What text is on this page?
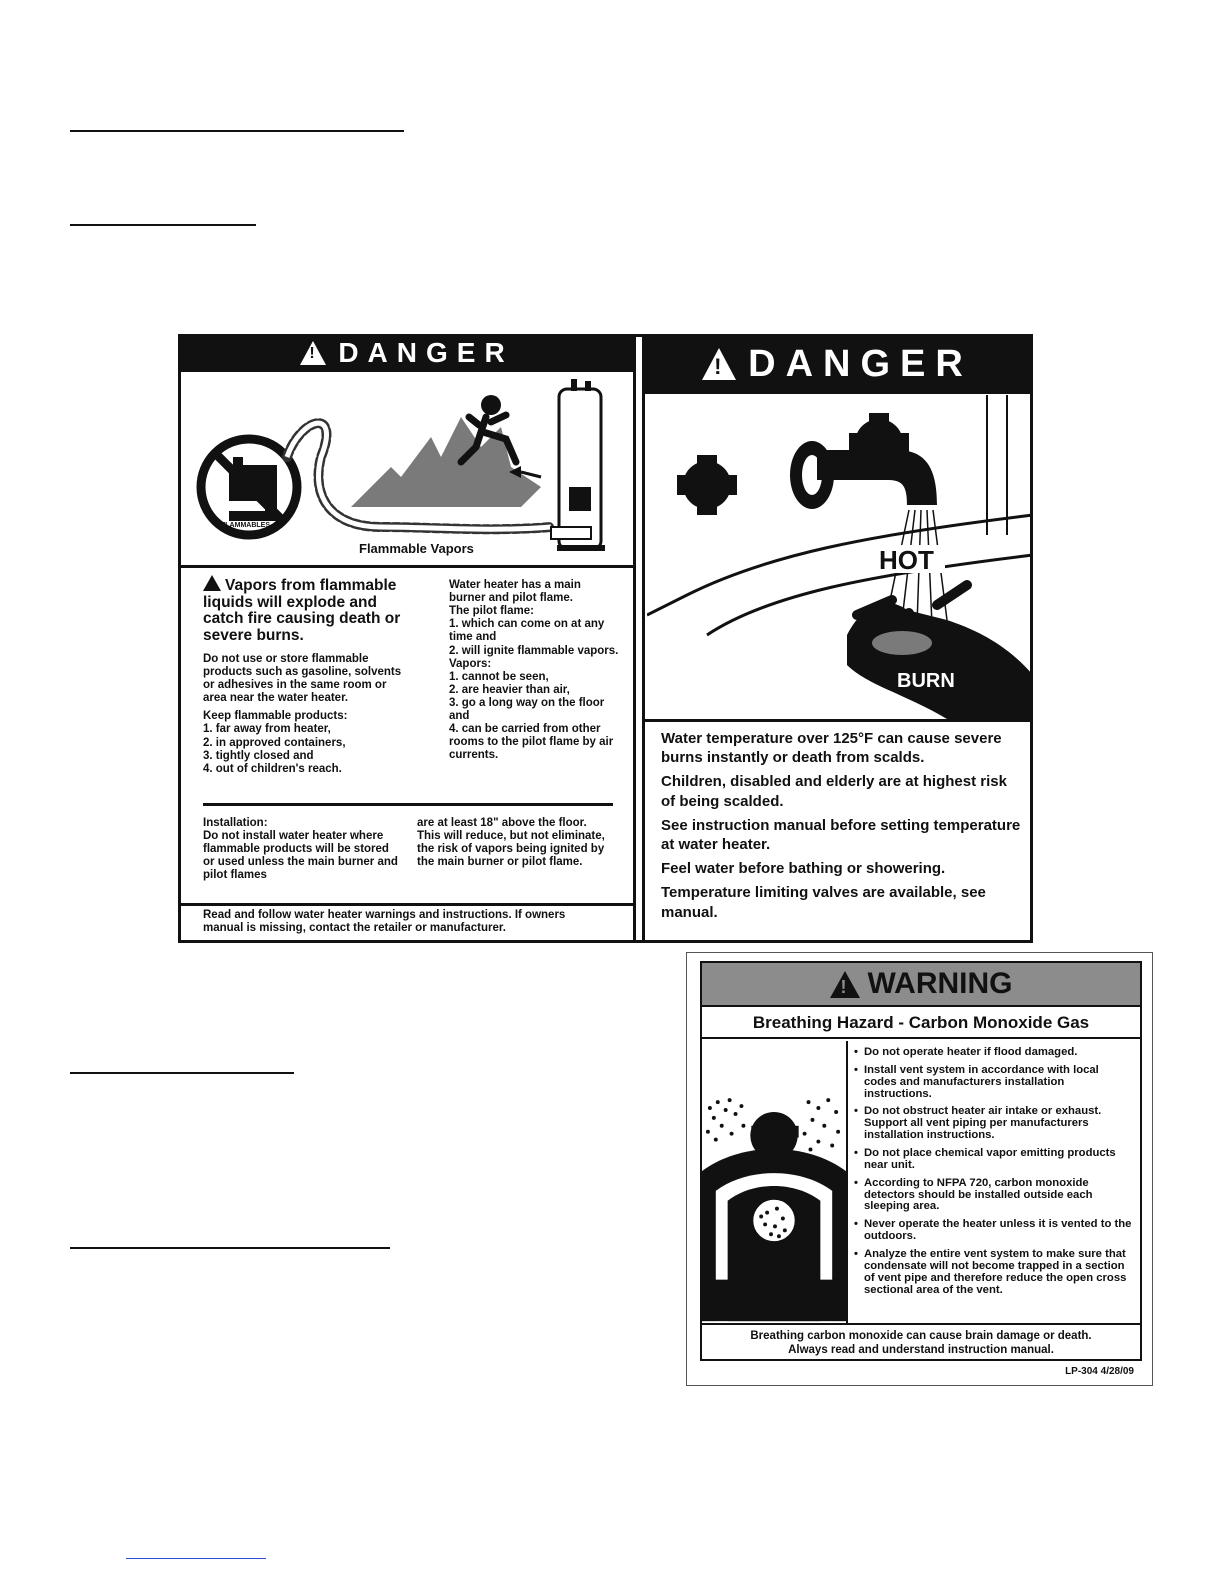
!
DANGER
Flammable Vapors
FLAMMABLES

Vapors from flammable liquids will explode and catch fire causing death or severe burns.

Do not use or store flammable products such as gasoline, solvents or adhesives in the same room or area near the water heater.

Keep flammable products:

1. far away from heater,

2. in approved containers,

3. tightly closed and

4. out of children's reach.

Water heater has a main burner and pilot flame.

The pilot flame:

1. which can come on at any time and

2. will ignite flammable vapors.

Vapors:

1. cannot be seen,

2. are heavier than air,

3. go a long way on the floor and

4. can be carried from other rooms to the pilot flame by air currents.

Installation:

Do not install water heater where flammable products will be stored or used unless the main burner and pilot flames

are at least 18" above the floor. This will reduce, but not eliminate, the risk of vapors being ignited by the main burner or pilot flame.

Read and follow water heater warnings and instructions. If owners manual is missing, contact the retailer or manufacturer.
!
DANGER
HOT
BURN

Water temperature over 125°F can cause severe burns instantly or death from scalds.

Children, disabled and elderly are at highest risk of being scalded.

See instruction manual before setting temperature at water heater.

Feel water before bathing or showering.

Temperature limiting valves are available, see manual.

!
WARNING
Breathing Hazard - Carbon Monoxide Gas
• Do not operate heater if flood damaged.
• Install vent system in accordance with local codes and manufacturers installation instructions.
• Do not obstruct heater air intake or exhaust. Support all vent piping per manufacturers installation instructions.
• Do not place chemical vapor emitting products near unit.
• According to NFPA 720, carbon monoxide detectors should be installed outside each sleeping area.
• Never operate the heater unless it is vented to the outdoors.
• Analyze the entire vent system to make sure that condensate will not become trapped in a section of vent pipe and therefore reduce the open cross sectional area of the vent.
Breathing carbon monoxide can cause brain damage or death.
Always read and understand instruction manual.
LP-304 4/28/09
